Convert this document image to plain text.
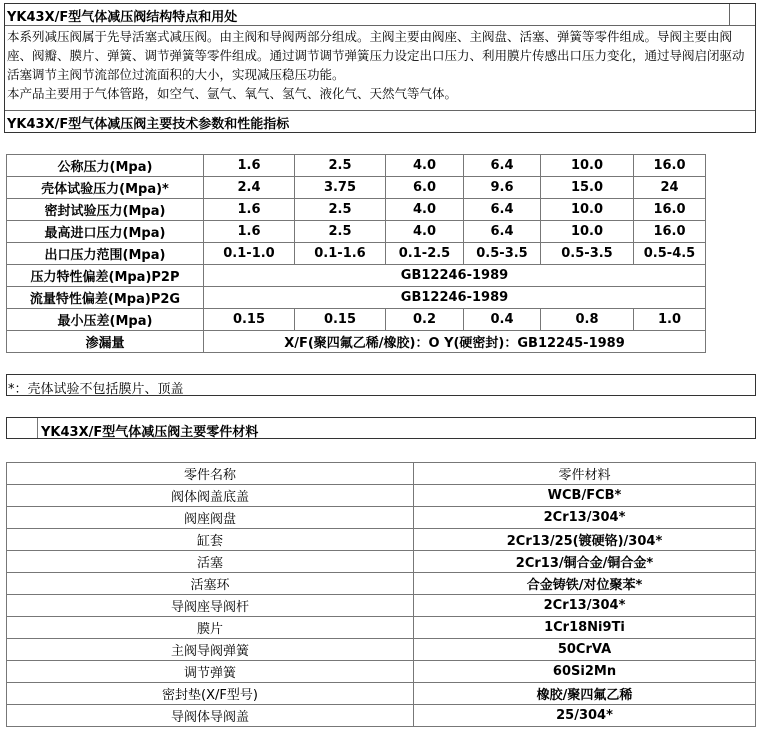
YK43X/F型气体减压阀结构特点和用处

本系列减压阀属于先导活塞式减压阀。由主阀和导阀两部分组成。主阀主要由阀座、主阀盘、活塞、弹簧等零件组成。导阀主要由阀座、阀瓣、膜片、弹簧、调节弹簧等零件组成。通过调节调节弹簧压力设定出口压力、利用膜片传感出口压力变化，通过导阀启闭驱动活塞调节主阀节流部位过流面积的大小，实现减压稳压功能。

本产品主要用于气体管路，如空气、氩气、氧气、氢气、液化气、天然气等气体。

YK43X/F型气体减压阀主要技术参数和性能指标
公称压力(Mpa)	1.6	2.5	4.0	6.4	10.0	16.0
壳体试验压力(Mpa)*	2.4	3.75	6.0	9.6	15.0	24
密封试验压力(Mpa)	1.6	2.5	4.0	6.4	10.0	16.0
最高进口压力(Mpa)	1.6	2.5	4.0	6.4	10.0	16.0
出口压力范围(Mpa)	0.1-1.0	0.1-1.6	0.1-2.5	0.5-3.5	0.5-3.5	0.5-4.5
压力特性偏差(Mpa)P2P	GB12246-1989					
流量特性偏差(Mpa)P2G	GB12246-1989					
最小压差(Mpa)	0.15	0.15	0.2	0.4	0.8	1.0
渗漏量	X/F(聚四氟乙稀/橡胶)：O Y(硬密封)：GB12245-1989					
*：壳体试验不包括膜片、顶盖
YK43X/F型气体减压阀主要零件材料
零件名称	零件材料
阀体阀盖底盖	WCB/FCB*
阀座阀盘	2Cr13/304*
缸套	2Cr13/25(镀硬铬)/304*
活塞	2Cr13/铜合金/铜合金*
活塞环	合金铸铁/对位聚苯*
导阀座导阀杆	2Cr13/304*
膜片	1Cr18Ni9Ti
主阀导阀弹簧	50CrVA
调节弹簧	60Si2Mn
密封垫(X/F型号)	橡胶/聚四氟乙稀
导阀体导阀盖	25/304*
